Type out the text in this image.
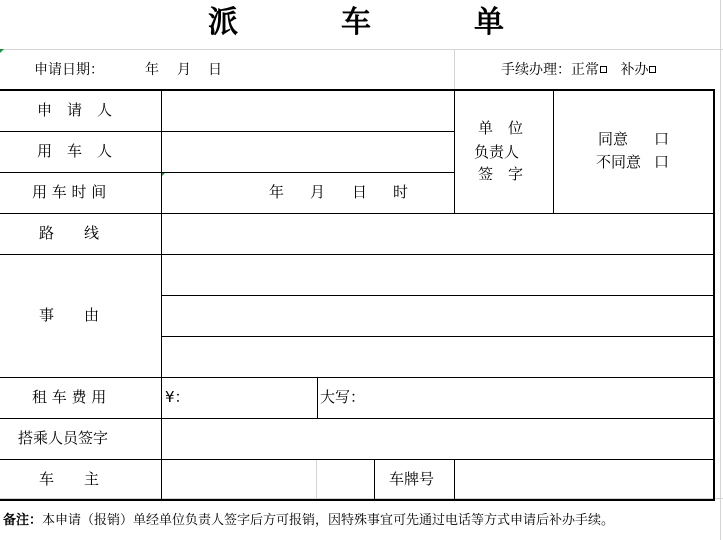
派	车	单
申请日期：	年 月 日	手续办理：正常 补办
申　请　人
用　车　人
用 车 时 间	年 月 日 时
路　　线
事　　由
租 车 费 用	¥：	大写：
搭乘人员签字
车　　主	车牌号
单　位
负责人
签　字
同意 口
不同意 口
备注：本申请（报销）单经单位负责人签字后方可报销，因特殊事宜可先通过电话等方式申请后补办手续。
